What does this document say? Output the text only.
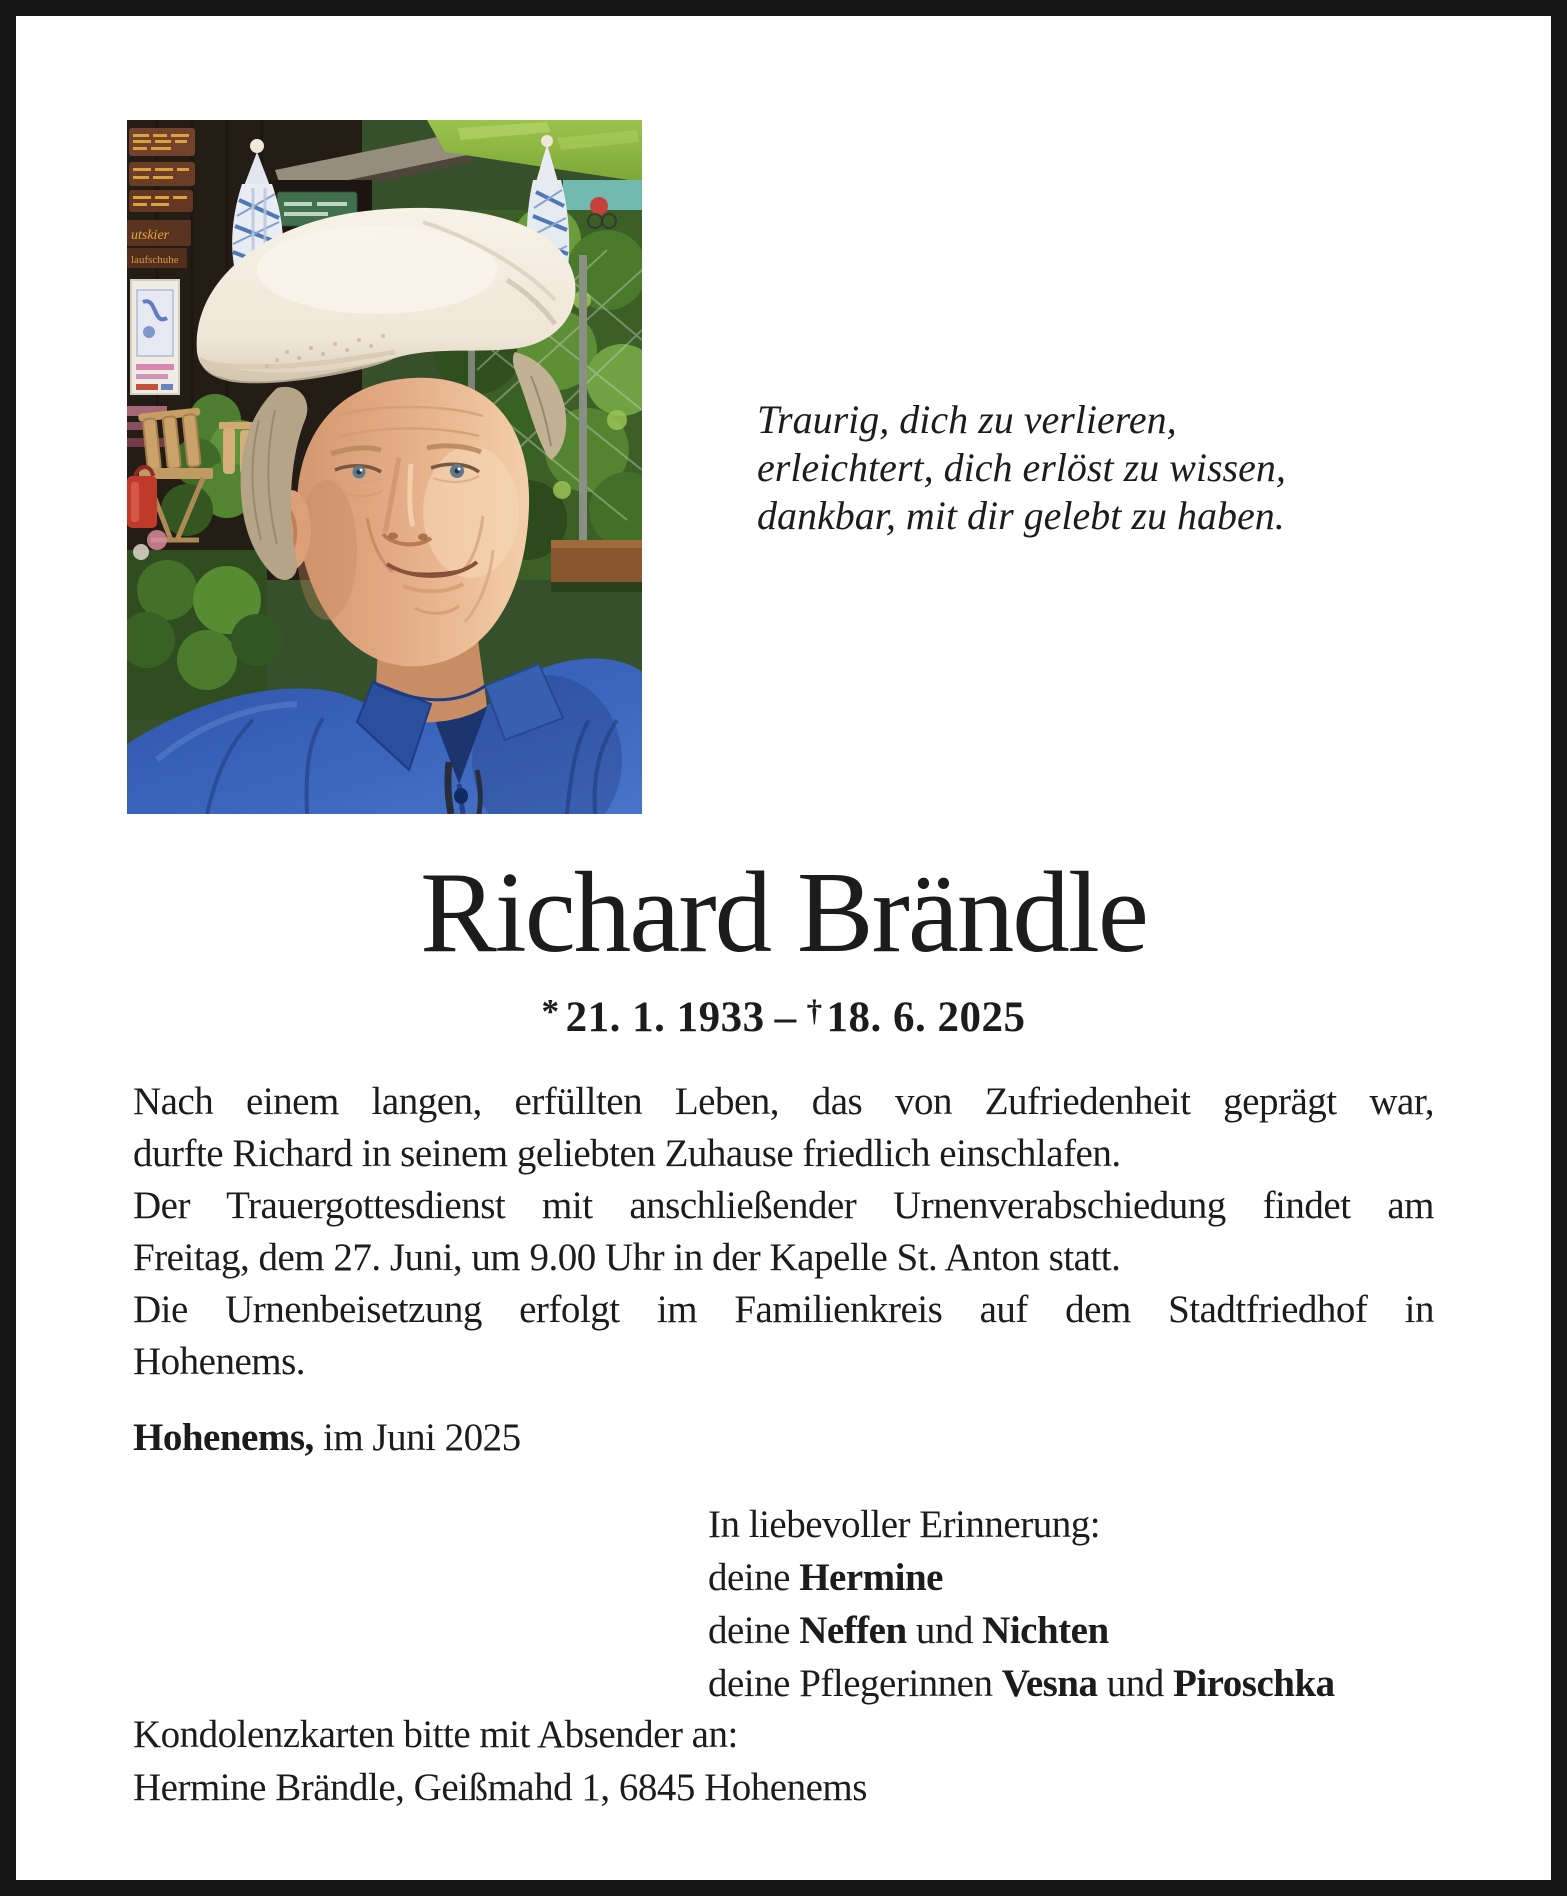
utskier
laufschuhe
Traurig, dich zu verlieren,
erleichtert, dich erlöst zu wissen,
dankbar, mit dir gelebt zu haben.
Richard Brändle
* 21. 1. 1933 – †18. 6. 2025
Nach einem langen, erfüllten Leben, das von Zufriedenheit geprägt war,
durfte Richard in seinem geliebten Zuhause friedlich einschlafen.
Der Trauergottesdienst mit anschließender Urnenverabschiedung findet am
Freitag, dem 27. Juni, um 9.00 Uhr in der Kapelle St. Anton statt.
Die Urnenbeisetzung erfolgt im Familienkreis auf dem Stadtfriedhof in
Hohenems.
Hohenems, im Juni 2025
In liebevoller Erinnerung:
deine Hermine
deine Neffen und Nichten
deine Pflegerinnen Vesna und Piroschka
Kondolenzkarten bitte mit Absender an:
Hermine Brändle, Geißmahd 1, 6845 Hohenems
